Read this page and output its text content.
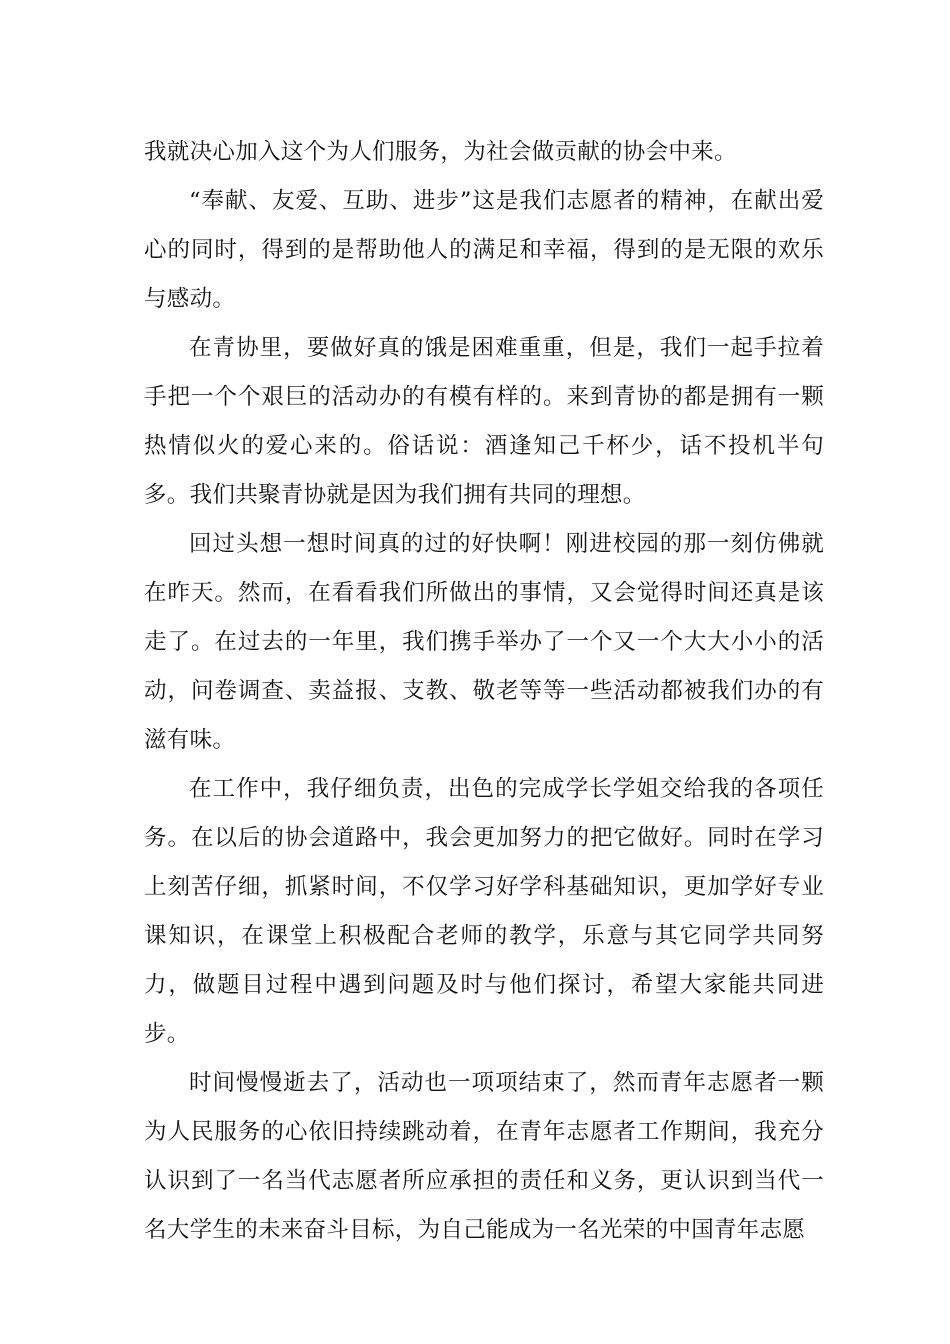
我就决心加入这个为人们服务，为社会做贡献的协会中来。

“奉献、友爱、互助、进步”这是我们志愿者的精神，在献出爱心的同时，得到的是帮助他人的满足和幸福，得到的是无限的欢乐与感动。

在青协里，要做好真的饿是困难重重，但是，我们一起手拉着手把一个个艰巨的活动办的有模有样的。来到青协的都是拥有一颗热情似火的爱心来的。俗话说：酒逢知己千杯少，话不投机半句多。我们共聚青协就是因为我们拥有共同的理想。

回过头想一想时间真的过的好快啊！刚进校园的那一刻仿佛就在昨天。然而，在看看我们所做出的事情，又会觉得时间还真是该走了。在过去的一年里，我们携手举办了一个又一个大大小小的活动，问卷调查、卖益报、支教、敬老等等一些活动都被我们办的有滋有味。

在工作中，我仔细负责，出色的完成学长学姐交给我的各项任务。在以后的协会道路中，我会更加努力的把它做好。同时在学习上刻苦仔细，抓紧时间，不仅学习好学科基础知识，更加学好专业课知识，在课堂上积极配合老师的教学，乐意与其它同学共同努力，做题目过程中遇到问题及时与他们探讨，希望大家能共同进步。

时间慢慢逝去了，活动也一项项结束了，然而青年志愿者一颗为人民服务的心依旧持续跳动着，在青年志愿者工作期间，我充分认识到了一名当代志愿者所应承担的责任和义务，更认识到当代一名大学生的未来奋斗目标，为自己能成为一名光荣的中国青年志愿
